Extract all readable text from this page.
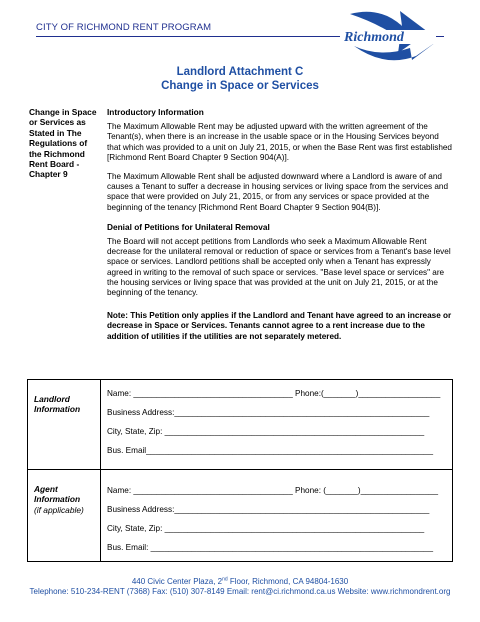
CITY OF RICHMOND RENT PROGRAM	City of
Richmond
Landlord Attachment C
Change in Space or Services
Change in Space or Services as Stated in The Regulations of the Richmond Rent Board - Chapter 9
Introductory Information

The Maximum Allowable Rent may be adjusted upward with the written agreement of the Tenant(s), when there is an increase in the usable space or in the Housing Services beyond that which was provided to a unit on July 21, 2015, or when the Base Rent was first established [Richmond Rent Board Chapter 9 Section 904(A)].

The Maximum Allowable Rent shall be adjusted downward where a Landlord is aware of and causes a Tenant to suffer a decrease in housing services or living space from the services and space that were provided on July 21, 2015, or from any services or space provided at the beginning of the tenancy [Richmond Rent Board Chapter 9 Section 904(B)].

Denial of Petitions for Unilateral Removal

The Board will not accept petitions from Landlords who seek a Maximum Allowable Rent decrease for the unilateral removal or reduction of space or services from a Tenant's base level space or services. Landlord petitions shall be accepted only when a Tenant has expressly agreed in writing to the removal of such space or services. "Base level space or services" are the housing services or living space that was provided at the unit on July 21, 2015, or at the beginning of the tenancy.

Note: This Petition only applies if the Landlord and Tenant have agreed to an increase or decrease in Space or Services. Tenants cannot agree to a rent increase due to the addition of utilities if the utilities are not separately metered.

Landlord Information
Name: ___________________________________ Phone:(_______)__________________
Business Address:________________________________________________________
City, State, Zip: _________________________________________________________
Bus. Email_______________________________________________________________
Agent Information
(if applicable)
Name: ___________________________________ Phone: (_______)_________________
Business Address:________________________________________________________
City, State, Zip: _________________________________________________________
Bus. Email: ______________________________________________________________
440 Civic Center Plaza, 2nd Floor, Richmond, CA 94804-1630
Telephone: 510-234-RENT (7368) Fax: (510) 307-8149 Email: rent@ci.richmond.ca.us Website: www.richmondrent.org
